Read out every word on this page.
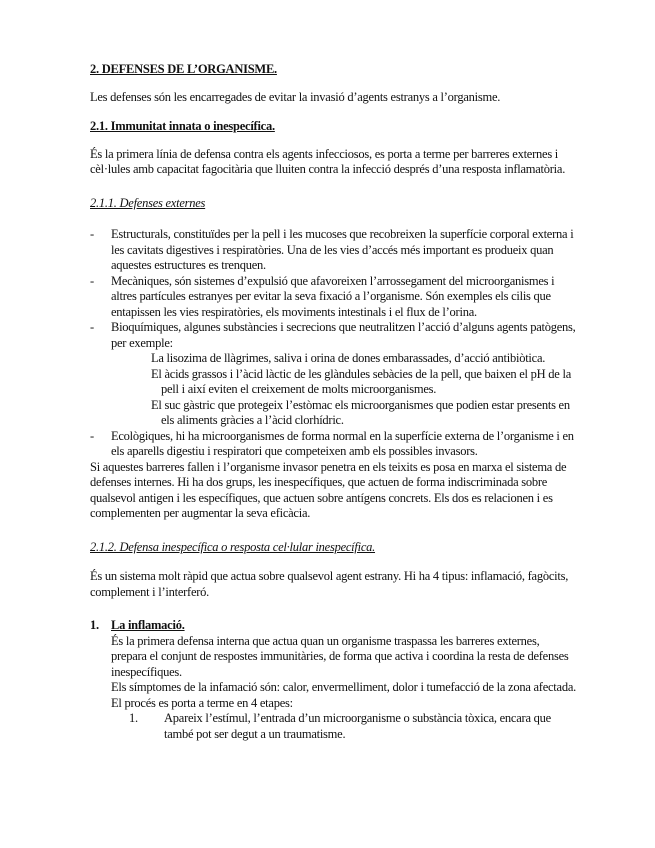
2. DEFENSES DE L’ORGANISME.

Les defenses són les encarregades de evitar la invasió d’agents estranys a l’organisme.

2.1. Immunitat innata o inespecífica.

És la primera línia de defensa contra els agents infecciosos, es porta a terme per barreres externes i cèl·lules amb capacitat fagocitària que lluiten contra la infecció després d’una resposta inflamatòria.

2.1.1. Defenses externes
- Estructurals, constituïdes per la pell i les mucoses que recobreixen la superfície corporal externa i les cavitats digestives i respiratòries. Una de les vies d’accés més important es produeix quan aquestes estructures es trenquen.
- Mecàniques, són sistemes d’expulsió que afavoreixen l’arrossegament del microorganismes i altres partícules estranyes per evitar la seva fixació a l’organisme. Són exemples els cilis que entapissen les vies respiratòries, els moviments intestinals i el flux de l’orina.
- Bioquímiques, algunes substàncies i secrecions que neutralitzen l’acció d’alguns agents patògens, per exemple:
La lisozima de llàgrimes, saliva i orina de dones embarassades, d’acció antibiòtica.
El àcids grassos i l’àcid làctic de les glàndules sebàcies de la pell, que baixen el pH de la pell i així eviten el creixement de molts microorganismes.
El suc gàstric que protegeix l’estòmac els microorganismes que podien estar presents en els aliments gràcies a l’àcid clorhídric.
- Ecològiques, hi ha microorganismes de forma normal en la superfície externa de l’organisme i en els aparells digestiu i respiratori que competeixen amb els possibles invasors.

Si aquestes barreres fallen i l’organisme invasor penetra en els teixits es posa en marxa el sistema de defenses internes. Hi ha dos grups, les inespecífiques, que actuen de forma indiscriminada sobre qualsevol antigen i les específiques, que actuen sobre antígens concrets. Els dos es relacionen i es complementen per augmentar la seva eficàcia.

2.1.2. Defensa inespecífica o resposta cel·lular inespecífica.

És un sistema molt ràpid que actua sobre qualsevol agent estrany. Hi ha 4 tipus: inflamació, fagòcits, complement i l’interferó.

1. La inflamació.

És la primera defensa interna que actua quan un organisme traspassa les barreres externes, prepara el conjunt de respostes immunitàries, de forma que activa i coordina la resta de defenses inespecífiques.

Els símptomes de la infamació són: calor, envermelliment, dolor i tumefacció de la zona afectada. El procés es porta a terme en 4 etapes:

1. Apareix l’estímul, l’entrada d’un microorganisme o substància tòxica, encara que també pot ser degut a un traumatisme.
